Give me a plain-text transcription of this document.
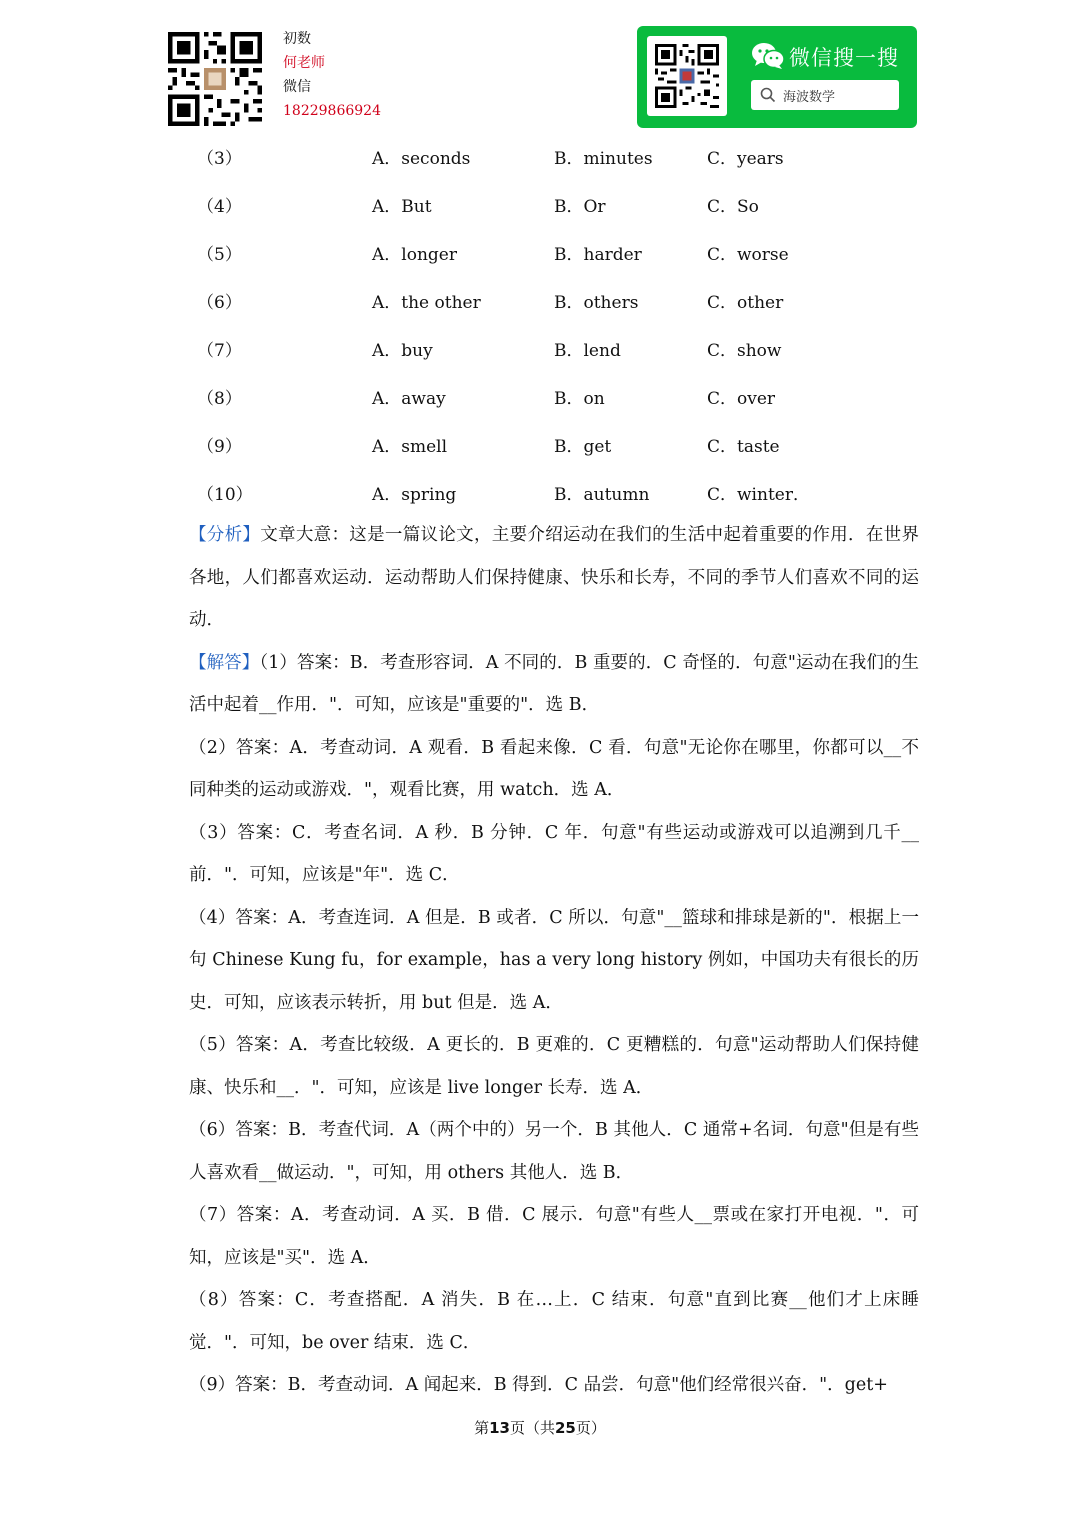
初数
何老师
微信
18229866924
微信搜一搜
海波数学
（3）	A．seconds	B．minutes	C．years
（4）	A．But	B．Or	C．So
（5）	A．longer	B．harder	C．worse
（6）	A．the other	B．others	C．other
（7）	A．buy	B．lend	C．show
（8）	A．away	B．on	C．over
（9）	A．smell	B．get	C．taste
（10）	A．spring	B．autumn	C．winter．

【分析】文章大意：这是一篇议论文，主要介绍运动在我们的生活中起着重要的作用．在世界各地，人们都喜欢运动．运动帮助人们保持健康、快乐和长寿，不同的季节人们喜欢不同的运动．

【解答】（1）答案：B．考查形容词．A 不同的．B 重要的．C 奇怪的．句意"运动在我们的生活中起着__作用．"．可知，应该是"重要的"．选 B．

（2）答案：A．考查动词．A 观看．B 看起来像．C 看．句意"无论你在哪里，你都可以__不同种类的运动或游戏．"，观看比赛，用 watch．选 A．

（3）答案：C．考查名词．A 秒．B 分钟．C 年．句意"有些运动或游戏可以追溯到几千__前．"．可知，应该是"年"．选 C．

（4）答案：A．考查连词．A 但是．B 或者．C 所以．句意"__篮球和排球是新的"．根据上一句 Chinese Kung fu，for example，has a very long history 例如，中国功夫有很长的历史．可知，应该表示转折，用 but 但是．选 A．

（5）答案：A．考查比较级．A 更长的．B 更难的．C 更糟糕的．句意"运动帮助人们保持健康、快乐和__．"．可知，应该是 live longer 长寿．选 A．

（6）答案：B．考查代词．A（两个中的）另一个．B 其他人．C 通常+名词．句意"但是有些人喜欢看__做运动．"，可知，用 others 其他人．选 B．

（7）答案：A．考查动词．A 买．B 借．C 展示．句意"有些人__票或在家打开电视．"．可知，应该是"买"．选 A．

（8）答案：C．考查搭配．A 消失．B 在…上．C 结束．句意"直到比赛__他们才上床睡觉．"．可知，be over 结束．选 C．

（9）答案：B．考查动词．A 闻起来．B 得到．C 品尝．句意"他们经常很兴奋．"．get+

第13页（共25页）
